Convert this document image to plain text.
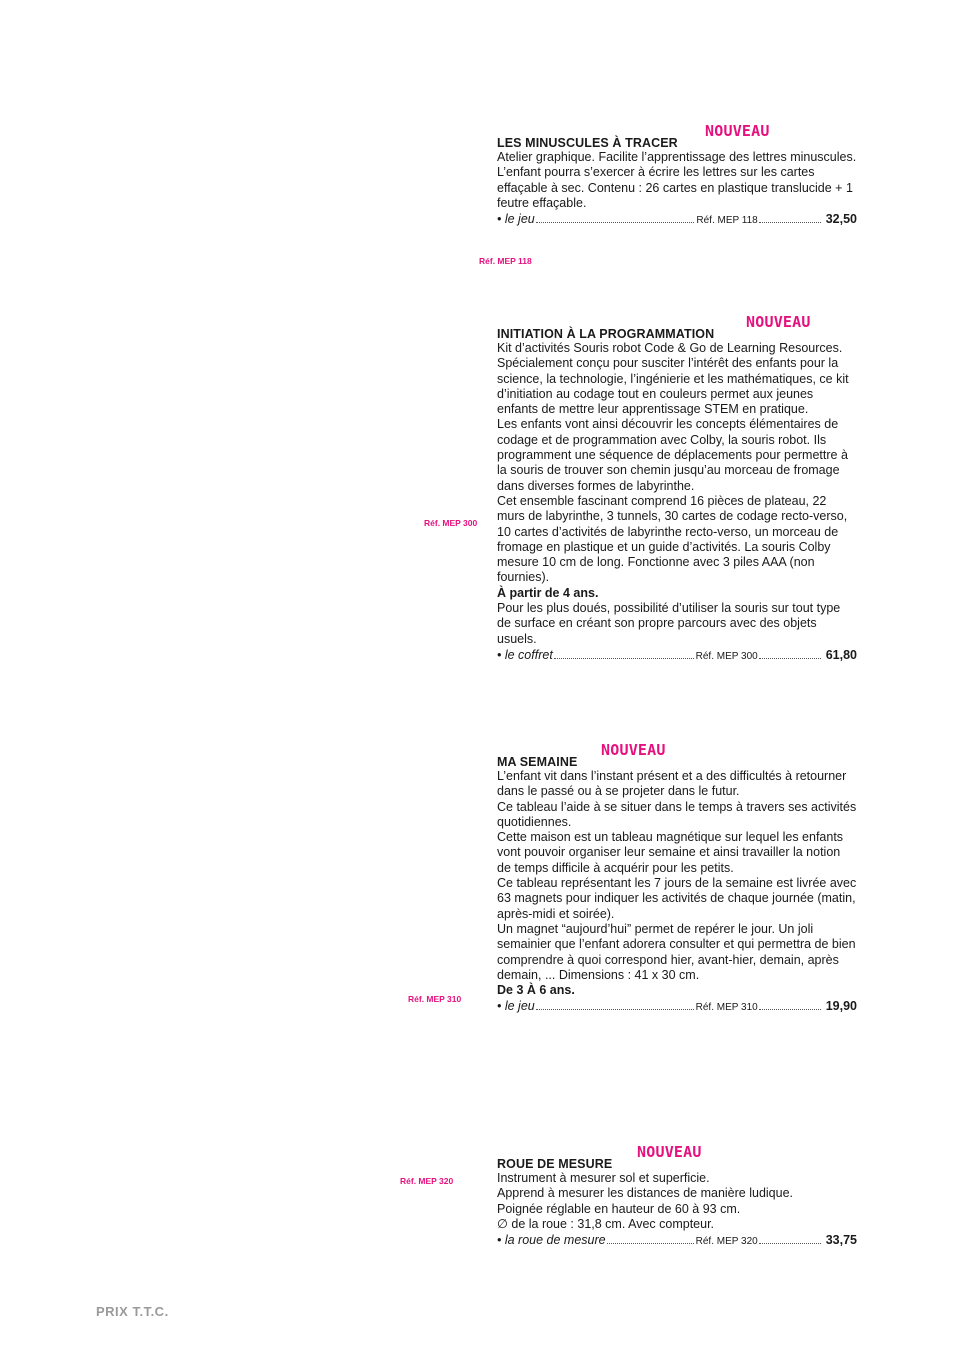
LES MINUSCULES À TRACER
NOUVEAU

Atelier graphique. Facilite l’apprentissage des lettres minuscules. L’enfant pourra s’exercer à écrire les lettres sur les cartes effaçable à sec. Contenu : 26 cartes en plastique translucide + 1 feutre effaçable.

• le jeu	Réf. MEP 118	32,50
Réf. MEP 118
INITIATION À LA PROGRAMMATION
NOUVEAU

Kit d’activités Souris robot Code & Go de Learning Resources. Spécialement conçu pour susciter l’intérêt des enfants pour la science, la technologie, l’ingénierie et les mathématiques, ce kit d’initiation au codage tout en couleurs permet aux jeunes enfants de mettre leur apprentissage STEM en pratique.

Les enfants vont ainsi découvrir les concepts élémentaires de codage et de programmation avec Colby, la souris robot. Ils programment une séquence de déplacements pour permettre à la souris de trouver son chemin jusqu’au morceau de fromage dans diverses formes de labyrinthe.

Cet ensemble fascinant comprend 16 pièces de plateau, 22 murs de labyrinthe, 3 tunnels, 30 cartes de codage recto-verso, 10 cartes d’activités de labyrinthe recto-verso, un morceau de fromage en plastique et un guide d’activités. La souris Colby mesure 10 cm de long. Fonctionne avec 3 piles AAA (non fournies).

À partir de 4 ans.

Pour les plus doués, possibilité d’utiliser la souris sur tout type de surface en créant son propre parcours avec des objets usuels.

• le coffret	Réf. MEP 300	61,80
Réf. MEP 300
MA SEMAINE
NOUVEAU

L’enfant vit dans l’instant présent et a des difficultés à retourner dans le passé ou à se projeter dans le futur.

Ce tableau l’aide à se situer dans le temps à travers ses activités quotidiennes.

Cette maison est un tableau magnétique sur lequel les enfants vont pouvoir organiser leur semaine et ainsi travailler la notion de temps difficile à acquérir pour les petits.

Ce tableau représentant les 7 jours de la semaine est livrée avec 63 magnets pour indiquer les activités de chaque journée (matin, après-midi et soirée).

Un magnet “aujourd’hui” permet de repérer le jour. Un joli semainier que l’enfant adorera consulter et qui permettra de bien comprendre à quoi correspond hier, avant-hier, demain, après demain, ... Dimensions : 41 x 30 cm.

De 3 À 6 ans.

• le jeu	Réf. MEP 310	19,90
Réf. MEP 310
ROUE DE MESURE
NOUVEAU

Instrument à mesurer sol et superficie.

Apprend à mesurer les distances de manière ludique.

Poignée réglable en hauteur de 60 à 93 cm.

∅ de la roue : 31,8 cm. Avec compteur.

• la roue de mesure	Réf. MEP 320	33,75
Réf. MEP 320
PRIX T.T.C.
